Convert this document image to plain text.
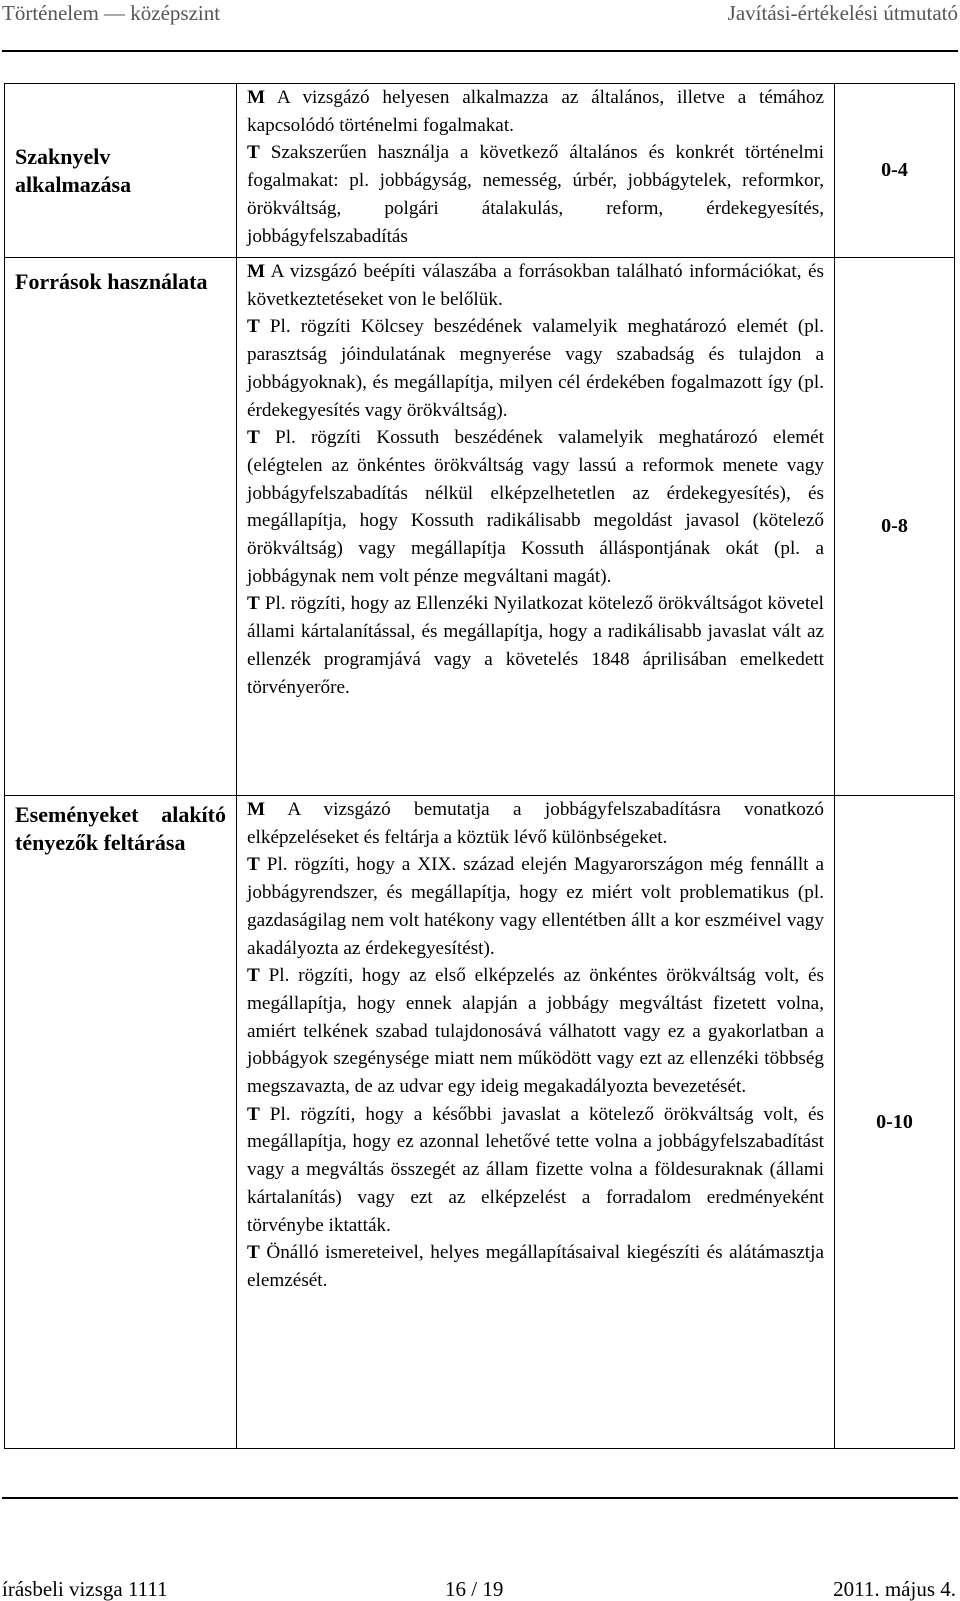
Történelem — középszint	Javítási-értékelési útmutató
Szaknyelv alkalmazása	M A vizsgázó helyesen alkalmazza az általános, illetve a témához kapcsolódó történelmi fogalmakat.
T Szakszerűen használja a következő általános és konkrét történelmi fogalmakat: pl. jobbágyság, nemesség, úrbér, jobbágytelek, reformkor, örökváltság, polgári átalakulás, reform, érdekegyesítés, jobbágyfelszabadítás	0-4

Források használata	M A vizsgázó beépíti válaszába a forrásokban található információkat, és következtetéseket von le belőlük.
T Pl. rögzíti Kölcsey beszédének valamelyik meghatározó elemét (pl. parasztság jóindulatának megnyerése vagy szabadság és tulajdon a jobbágyoknak), és megállapítja, milyen cél érdekében fogalmazott így (pl. érdekegyesítés vagy örökváltság).
T Pl. rögzíti Kossuth beszédének valamelyik meghatározó elemét (elégtelen az önkéntes örökváltság vagy lassú a reformok menete vagy jobbágyfelszabadítás nélkül elképzelhetetlen az érdekegyesítés), és megállapítja, hogy Kossuth radikálisabb megoldást javasol (kötelező örökváltság) vagy megállapítja Kossuth álláspontjának okát (pl. a jobbágynak nem volt pénze megváltani magát).
T Pl. rögzíti, hogy az Ellenzéki Nyilatkozat kötelező örökváltságot követel állami kártalanítással, és megállapítja, hogy a radikálisabb javaslat vált az ellenzék programjává vagy a követelés 1848 áprilisában emelkedett törvényerőre.	0-8

Eseményeket alakító tényezők feltárása	M A vizsgázó bemutatja a jobbágyfelszabadításra vonatkozó elképzeléseket és feltárja a köztük lévő különbségeket.
T Pl. rögzíti, hogy a XIX. század elején Magyarországon még fennállt a jobbágyrendszer, és megállapítja, hogy ez miért volt problematikus (pl. gazdaságilag nem volt hatékony vagy ellentétben állt a kor eszméivel vagy akadályozta az érdekegyesítést).
T Pl. rögzíti, hogy az első elképzelés az önkéntes örökváltság volt, és megállapítja, hogy ennek alapján a jobbágy megváltást fizetett volna, amiért telkének szabad tulajdonosává válhatott vagy ez a gyakorlatban a jobbágyok szegénysége miatt nem működött vagy ezt az ellenzéki többség megszavazta, de az udvar egy ideig megakadályozta bevezetését.
T Pl. rögzíti, hogy a későbbi javaslat a kötelező örökváltság volt, és megállapítja, hogy ez azonnal lehetővé tette volna a jobbágyfelszabadítást vagy a megváltás összegét az állam fizette volna a földesuraknak (állami kártalanítás) vagy ezt az elképzelést a forradalom eredményeként törvénybe iktatták.
T Önálló ismereteivel, helyes megállapításaival kiegészíti és alátámasztja elemzését.	0-10
írásbeli vizsga 1111	16 / 19	2011. május 4.
